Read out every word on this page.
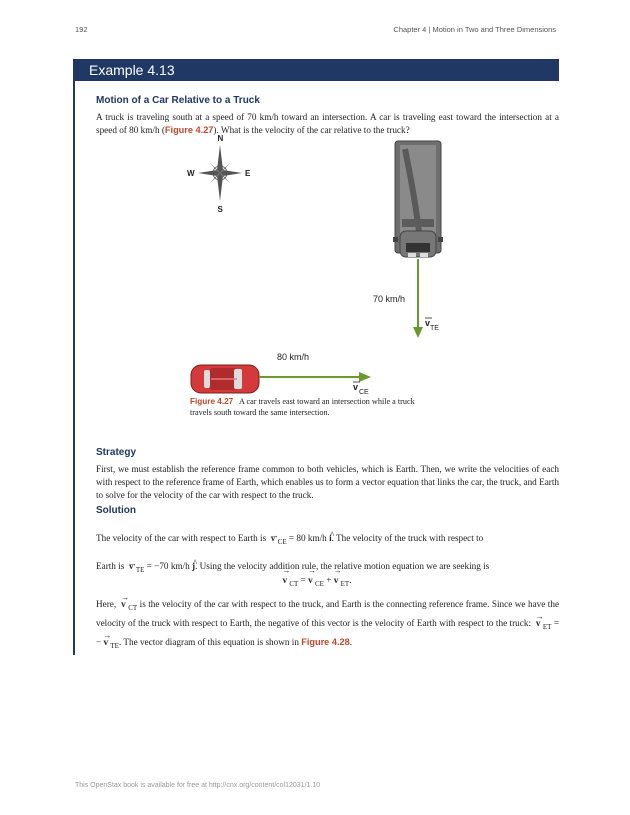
192	Chapter 4 | Motion in Two and Three Dimensions
Example 4.13
Motion of a Car Relative to a Truck

A truck is traveling south at a speed of 70 km/h toward an intersection. A car is traveling east toward the intersection at a speed of 80 km/h (Figure 4.27). What is the velocity of the car relative to the truck?

N
S
E
W
70 km/h
v
TE
80 km/h
v
CE
Figure 4.27 A car travels east toward an intersection while a truck travels south toward the same intersection.
Strategy

First, we must establish the reference frame common to both vehicles, which is Earth. Then, we write the velocities of each with respect to the reference frame of Earth, which enables us to form a vector equation that links the car, the truck, and Earth to solve for the velocity of the car with respect to the truck.

Solution

The velocity of the car with respect to Earth is → v $_{CE}$ = 80 km/h ^ i. The velocity of the truck with respect to
Earth is → v $_{TE}$ = −70 km/h ^ j. Using the velocity addition rule, the relative motion equation we are seeking is

→ v $_{CT}$ = → v $_{CE}$ + → v $_{ET}$.

Here, → v $_{CT}$ is the velocity of the car with respect to the truck, and Earth is the connecting reference frame. Since we have the velocity of the truck with respect to Earth, the negative of this vector is the velocity of Earth with respect to the truck: → v $_{ET}$ = − → v $_{TE}$. The vector diagram of this equation is shown in Figure 4.28.

This OpenStax book is available for free at http://cnx.org/content/col12031/1.10
